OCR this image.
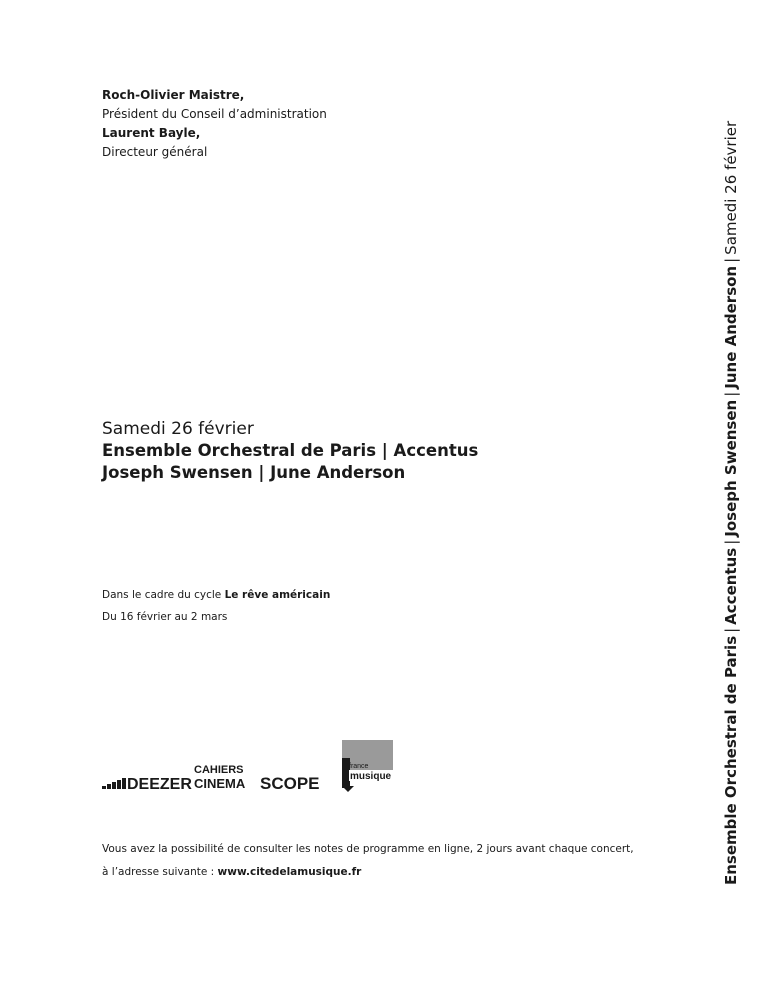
Roch-Olivier Maistre,
Président du Conseil d’administration
Laurent Bayle,
Directeur général
Samedi 26 février
Ensemble Orchestral de Paris | Accentus
Joseph Swensen | June Anderson
Dans le cadre du cycle Le rêve américain
Du 16 février au 2 mars
DEEZER
CAHIERS
CINEMA SCOPE
france
musique
Vous avez la possibilité de consulter les notes de programme en ligne, 2 jours avant chaque concert,
à l’adresse suivante : www.citedelamusique.fr	Ensemble Orchestral de Paris|Accentus|Joseph Swensen|June Anderson|Samedi 26 février
